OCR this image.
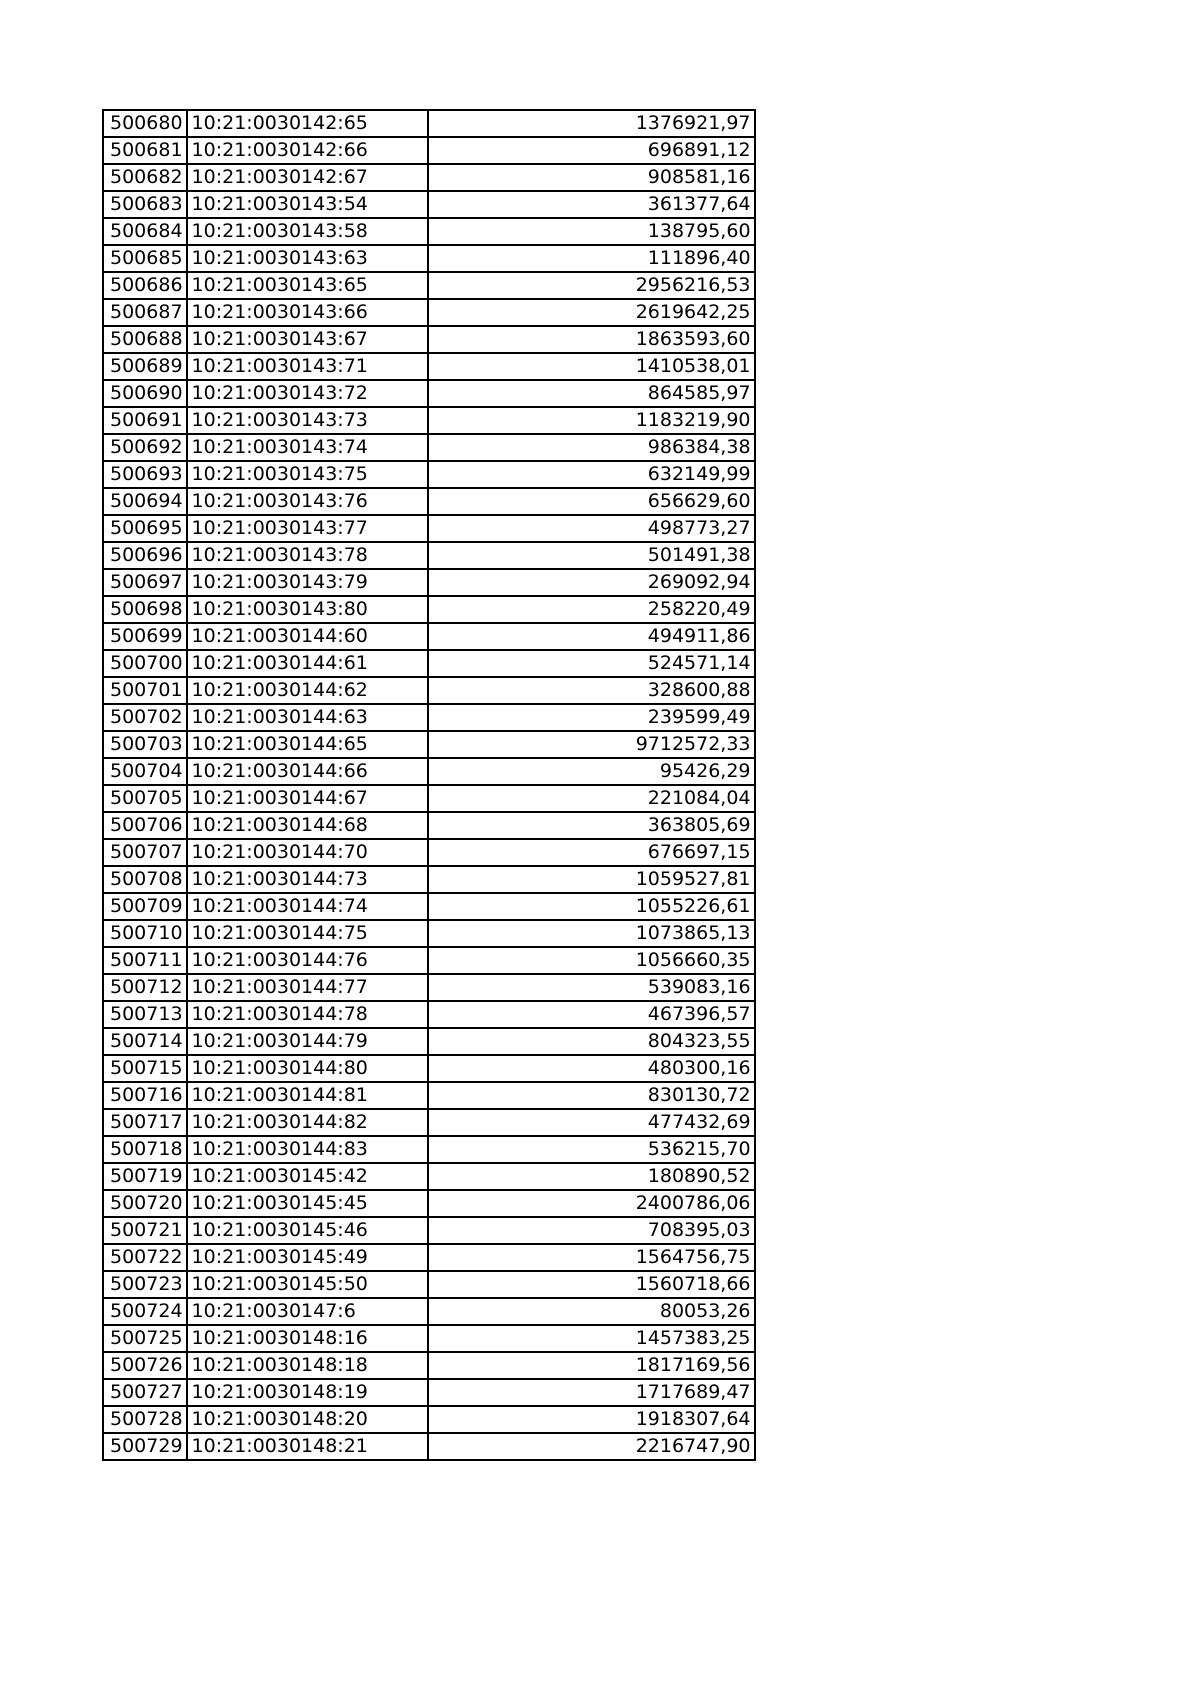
500680	10:21:0030142:65	1376921,97
500681	10:21:0030142:66	696891,12
500682	10:21:0030142:67	908581,16
500683	10:21:0030143:54	361377,64
500684	10:21:0030143:58	138795,60
500685	10:21:0030143:63	111896,40
500686	10:21:0030143:65	2956216,53
500687	10:21:0030143:66	2619642,25
500688	10:21:0030143:67	1863593,60
500689	10:21:0030143:71	1410538,01
500690	10:21:0030143:72	864585,97
500691	10:21:0030143:73	1183219,90
500692	10:21:0030143:74	986384,38
500693	10:21:0030143:75	632149,99
500694	10:21:0030143:76	656629,60
500695	10:21:0030143:77	498773,27
500696	10:21:0030143:78	501491,38
500697	10:21:0030143:79	269092,94
500698	10:21:0030143:80	258220,49
500699	10:21:0030144:60	494911,86
500700	10:21:0030144:61	524571,14
500701	10:21:0030144:62	328600,88
500702	10:21:0030144:63	239599,49
500703	10:21:0030144:65	9712572,33
500704	10:21:0030144:66	95426,29
500705	10:21:0030144:67	221084,04
500706	10:21:0030144:68	363805,69
500707	10:21:0030144:70	676697,15
500708	10:21:0030144:73	1059527,81
500709	10:21:0030144:74	1055226,61
500710	10:21:0030144:75	1073865,13
500711	10:21:0030144:76	1056660,35
500712	10:21:0030144:77	539083,16
500713	10:21:0030144:78	467396,57
500714	10:21:0030144:79	804323,55
500715	10:21:0030144:80	480300,16
500716	10:21:0030144:81	830130,72
500717	10:21:0030144:82	477432,69
500718	10:21:0030144:83	536215,70
500719	10:21:0030145:42	180890,52
500720	10:21:0030145:45	2400786,06
500721	10:21:0030145:46	708395,03
500722	10:21:0030145:49	1564756,75
500723	10:21:0030145:50	1560718,66
500724	10:21:0030147:6	80053,26
500725	10:21:0030148:16	1457383,25
500726	10:21:0030148:18	1817169,56
500727	10:21:0030148:19	1717689,47
500728	10:21:0030148:20	1918307,64
500729	10:21:0030148:21	2216747,90
